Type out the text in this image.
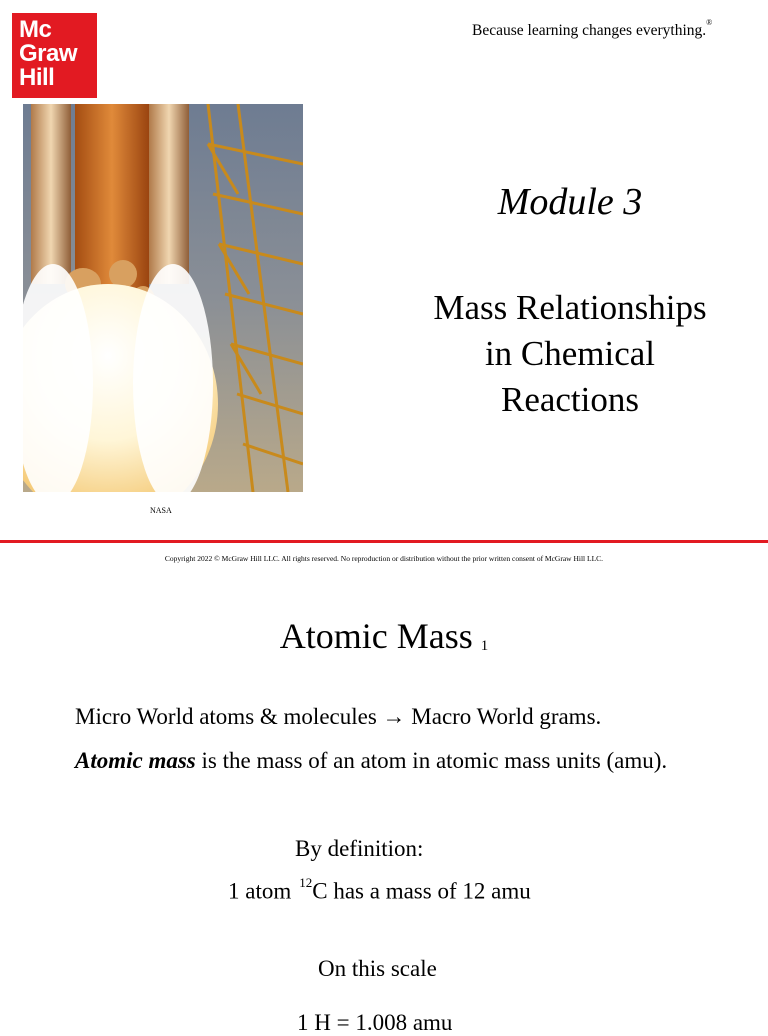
Mc
Graw
Hill
Because learning changes everything.®
NASA
Module 3
Mass Relationships
in Chemical
Reactions
Copyright 2022 © McGraw Hill LLC. All rights reserved. No reproduction or distribution without the prior written consent of McGraw Hill LLC.
Atomic Mass 1
Micro World atoms & molecules → Macro World grams.
Atomic mass is the mass of an atom in atomic mass units (amu).
By definition:
1 atom $^{12}$C has a mass of 12 amu
On this scale
1 H = 1.008 amu
